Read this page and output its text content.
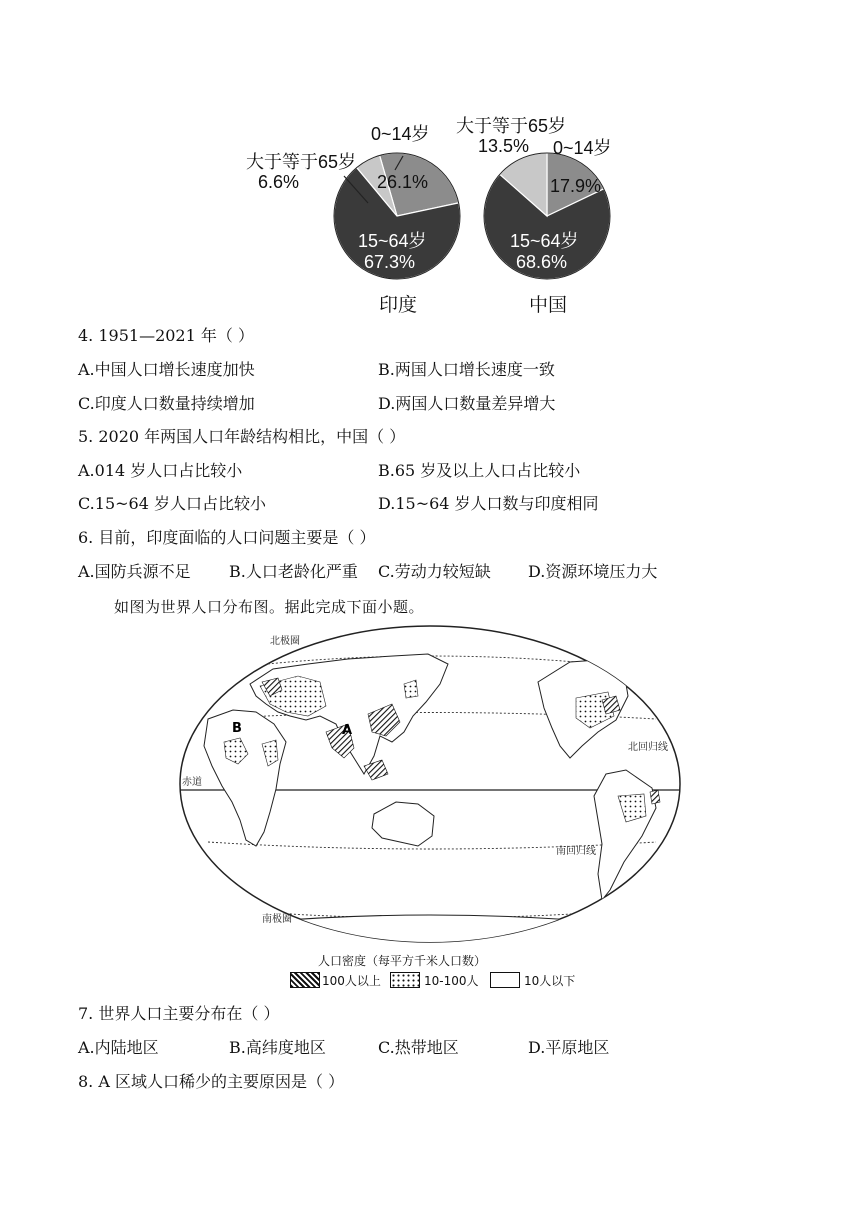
0~14岁
26.1%
大于等于65岁
6.6%
15~64岁
67.3%
印度
大于等于65岁
13.5% 0~14岁
17.9%
15~64岁
68.6%
中国
4. 1951—2021 年（ ）
A.中国人口增长速度加快	B.两国人口增长速度一致
C.印度人口数量持续增加	D.两国人口数量差异增大
5. 2020 年两国人口年龄结构相比，中国（ ）
A.014 岁人口占比较小	B.65 岁及以上人口占比较小
C.15~64 岁人口占比较小	D.15~64 岁人口数与印度相同
6. 目前，印度面临的人口问题主要是（ ）
A.国防兵源不足 B.人口老龄化严重 C.劳动力较短缺 D.资源环境压力大
如图为世界人口分布图。据此完成下面小题。
北极圈
北回归线
赤道
南回归线
南极圈
B	A
人口密度（每平方千米人口数）
100人以上	10-100人	10人以下
7. 世界人口主要分布在（ ）
A.内陆地区	B.高纬度地区	C.热带地区	D.平原地区
8. A 区域人口稀少的主要原因是（ ）
